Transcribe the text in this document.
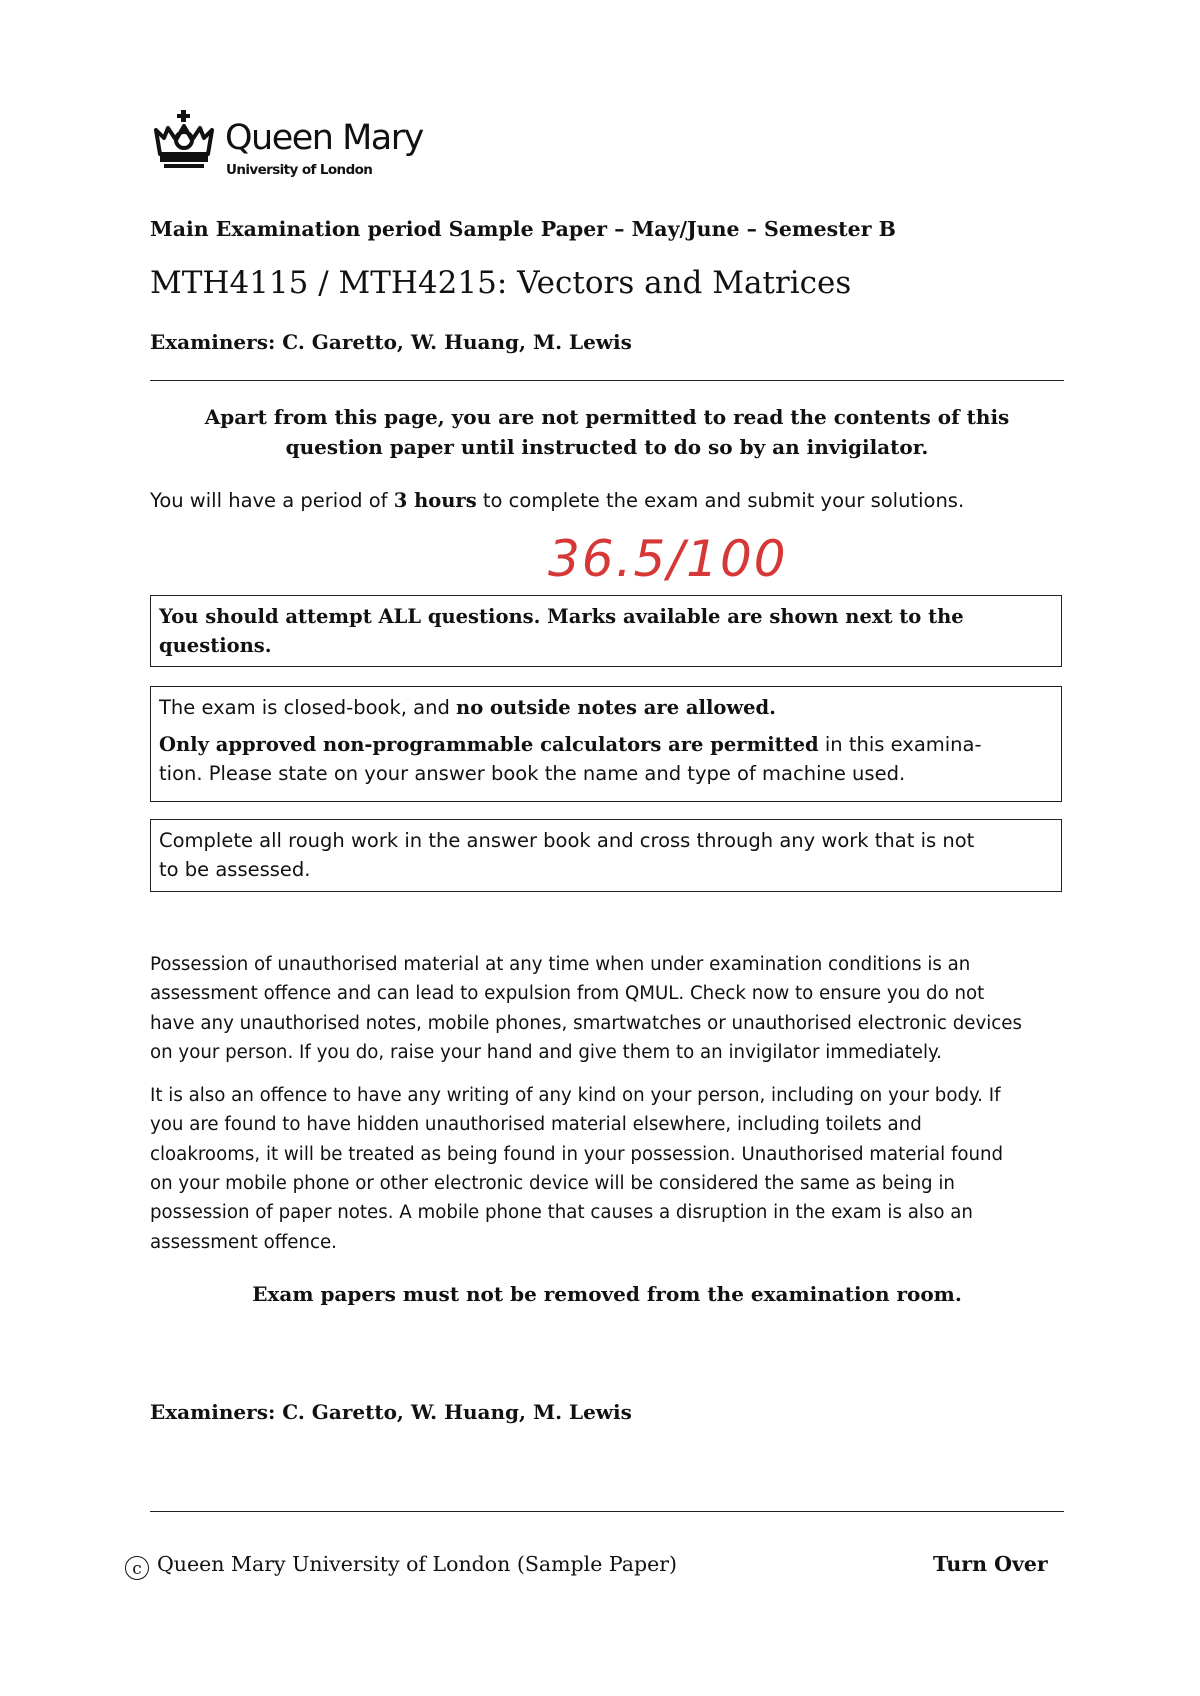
Queen Mary
University of London
Main Examination period Sample Paper – May/June – Semester B
MTH4115 / MTH4215: Vectors and Matrices
Examiners: C. Garetto, W. Huang, M. Lewis
Apart from this page, you are not permitted to read the contents of this
question paper until instructed to do so by an invigilator.
You will have a period of 3 hours to complete the exam and submit your solutions.
36.5/100

You should attempt ALL questions. Marks available are shown next to the

questions.

The exam is closed-book, and no outside notes are allowed.

Only approved non-programmable calculators are permitted in this examina-

tion. Please state on your answer book the name and type of machine used.

Complete all rough work in the answer book and cross through any work that is not

to be assessed.

Possession of unauthorised material at any time when under examination conditions is an
assessment offence and can lead to expulsion from QMUL. Check now to ensure you do not
have any unauthorised notes, mobile phones, smartwatches or unauthorised electronic devices
on your person. If you do, raise your hand and give them to an invigilator immediately.

It is also an offence to have any writing of any kind on your person, including on your body. If
you are found to have hidden unauthorised material elsewhere, including toilets and
cloakrooms, it will be treated as being found in your possession. Unauthorised material found
on your mobile phone or other electronic device will be considered the same as being in
possession of paper notes. A mobile phone that causes a disruption in the exam is also an
assessment offence.

Exam papers must not be removed from the examination room.
Examiners: C. Garetto, W. Huang, M. Lewis
c Queen Mary University of London (Sample Paper)	Turn Over
